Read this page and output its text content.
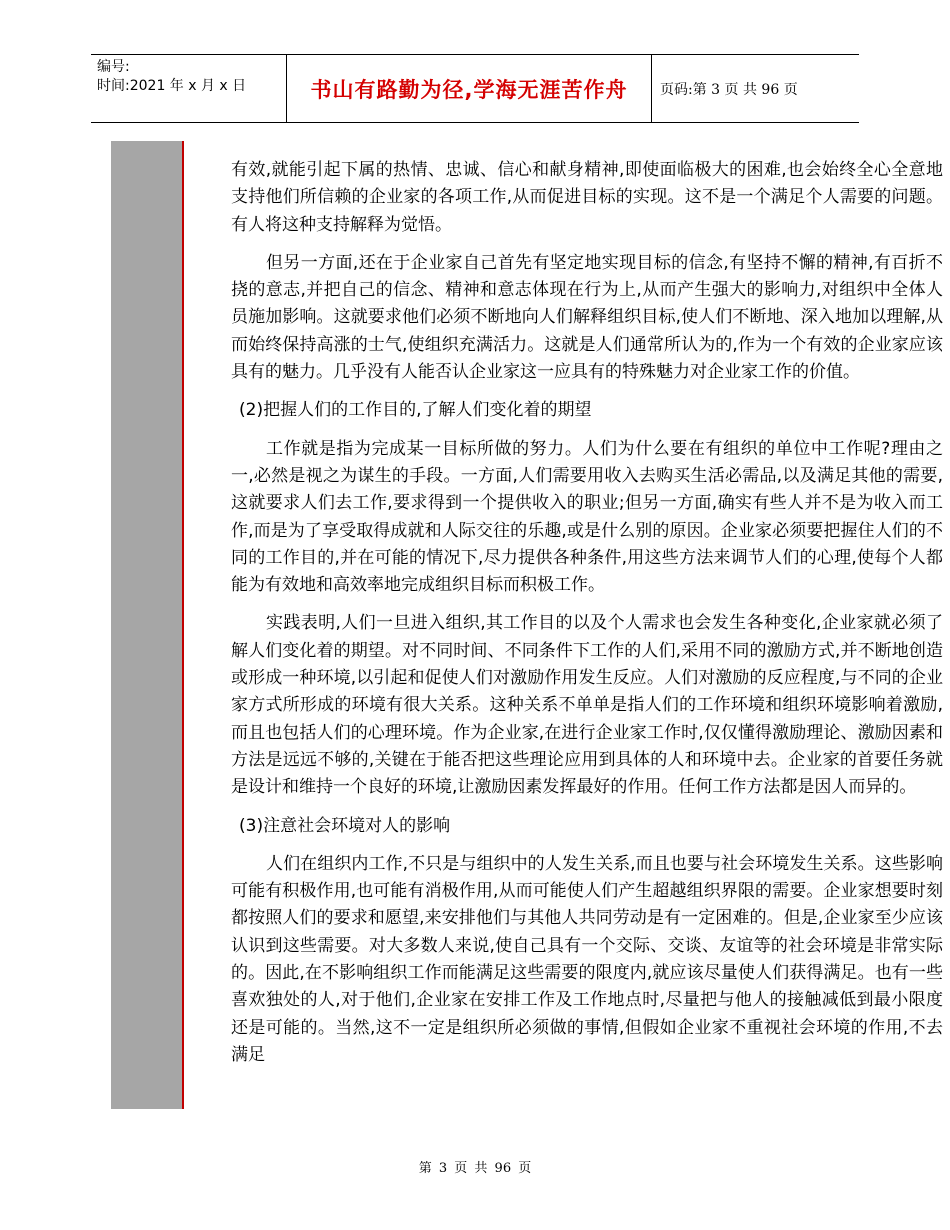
编号:
时间:2021 年 x 月 x 日	书山有路勤为径,学海无涯苦作舟	页码:第 3 页 共 96 页

有效,就能引起下属的热情、忠诚、信心和献身精神,即使面临极大的困难,也会始终全心全意地支持他们所信赖的企业家的各项工作,从而促进目标的实现。这不是一个满足个人需要的问题。有人将这种支持解释为觉悟。

但另一方面,还在于企业家自己首先有坚定地实现目标的信念,有坚持不懈的精神,有百折不挠的意志,并把自己的信念、精神和意志体现在行为上,从而产生强大的影响力,对组织中全体人员施加影响。这就要求他们必须不断地向人们解释组织目标,使人们不断地、深入地加以理解,从而始终保持高涨的士气,使组织充满活力。这就是人们通常所认为的,作为一个有效的企业家应该具有的魅力。几乎没有人能否认企业家这一应具有的特殊魅力对企业家工作的价值。

(2)把握人们的工作目的,了解人们变化着的期望

工作就是指为完成某一目标所做的努力。人们为什么要在有组织的单位中工作呢?理由之一,必然是视之为谋生的手段。一方面,人们需要用收入去购买生活必需品,以及满足其他的需要,这就要求人们去工作,要求得到一个提供收入的职业;但另一方面,确实有些人并不是为收入而工作,而是为了享受取得成就和人际交往的乐趣,或是什么别的原因。企业家必须要把握住人们的不同的工作目的,并在可能的情况下,尽力提供各种条件,用这些方法来调节人们的心理,使每个人都能为有效地和高效率地完成组织目标而积极工作。

实践表明,人们一旦进入组织,其工作目的以及个人需求也会发生各种变化,企业家就必须了解人们变化着的期望。对不同时间、不同条件下工作的人们,采用不同的激励方式,并不断地创造或形成一种环境,以引起和促使人们对激励作用发生反应。人们对激励的反应程度,与不同的企业家方式所形成的环境有很大关系。这种关系不单单是指人们的工作环境和组织环境影响着激励,而且也包括人们的心理环境。作为企业家,在进行企业家工作时,仅仅懂得激励理论、激励因素和方法是远远不够的,关键在于能否把这些理论应用到具体的人和环境中去。企业家的首要任务就是设计和维持一个良好的环境,让激励因素发挥最好的作用。任何工作方法都是因人而异的。

(3)注意社会环境对人的影响

人们在组织内工作,不只是与组织中的人发生关系,而且也要与社会环境发生关系。这些影响可能有积极作用,也可能有消极作用,从而可能使人们产生超越组织界限的需要。企业家想要时刻都按照人们的要求和愿望,来安排他们与其他人共同劳动是有一定困难的。但是,企业家至少应该认识到这些需要。对大多数人来说,使自己具有一个交际、交谈、友谊等的社会环境是非常实际的。因此,在不影响组织工作而能满足这些需要的限度内,就应该尽量使人们获得满足。也有一些喜欢独处的人,对于他们,企业家在安排工作及工作地点时,尽量把与他人的接触减低到最小限度还是可能的。当然,这不一定是组织所必须做的事情,但假如企业家不重视社会环境的作用,不去满足

第 3 页 共 96 页
